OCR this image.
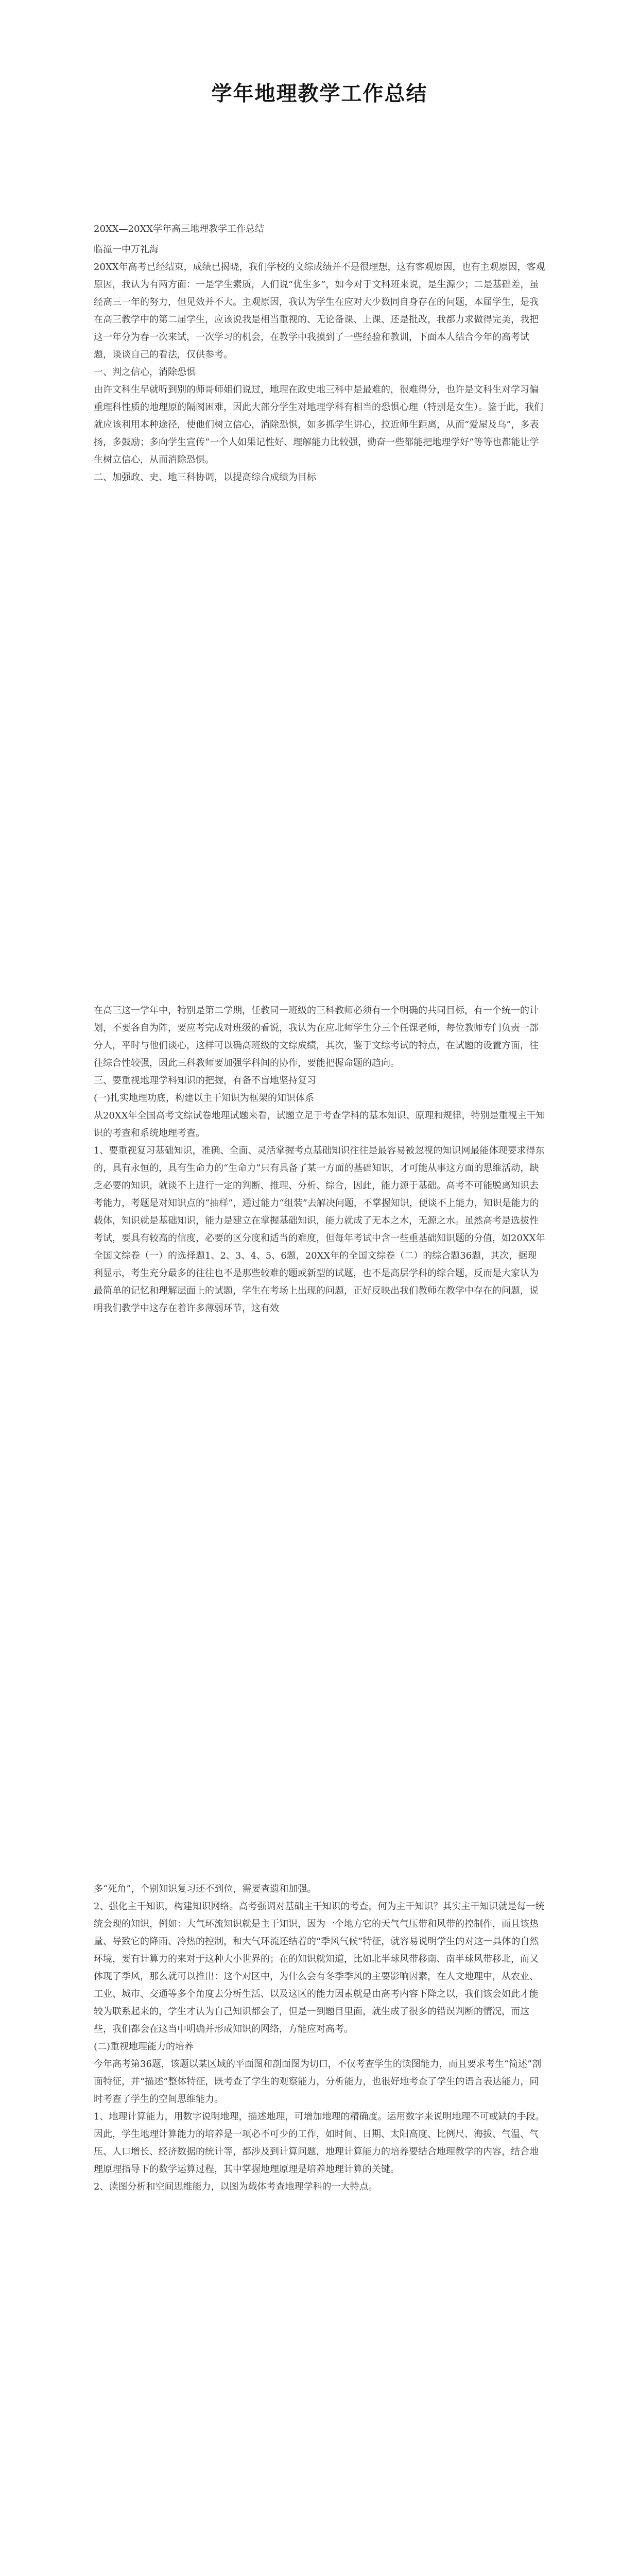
学年地理教学工作总结

20XX—20XX学年高三地理教学工作总结

临潼一中万礼海

20XX年高考已经结束，成绩已揭晓，我们学校的文综成绩并不是很理想，这有客观原因，也有主观原因，客观原因，我认为有两方面：一是学生素质，人们说“优生多”，如今对于文科班来说，是生源少；二是基础差，虽经高三一年的努力，但见效并不大。主观原因，我认为学生在应对大少数同自身存在的问题，本届学生，是我在高三教学中的第二届学生，应该说我是相当重视的、无论备课、上课、还是批改，我都力求做得完美，我把这一年分为春一次来试，一次学习的机会，在教学中我摸到了一些经验和教训，下面本人结合今年的高考试题，谈谈自己的看法，仅供参考。

一、判之信心，消除恐惧

由许文科生早就听到别的师哥师姐们说过，地理在政史地三科中是最难的，很难得分，也许是文科生对学习偏重理科性质的地理原的隔阂困难，因此大部分学生对地理学科有相当的恐惧心理（特别是女生）。鉴于此，我们就应该利用本种途径，使他们树立信心，消除恐惧，如多抓学生讲心，拉近师生距离，从而“爱屋及乌”，多表扬，多鼓励；多向学生宣传“一个人如果记性好、理解能力比较强，勤奋一些都能把地理学好”等等也都能让学生树立信心，从而消除恐惧。

二、加强政、史、地三科协调，以提高综合成绩为目标

在高三这一学年中，特别是第二学期，任教同一班级的三科教师必须有一个明确的共同目标，有一个统一的计划，不要各自为阵，要应考完成对班级的看说，我认为在应北师学生分三个任课老师，每位教师专门负责一部分人，平时与他们谈心，这样可以确高班级的文综成绩，其次，鉴于文综考试的特点，在试题的设置方面，往往综合性较强，因此三科教师要加强学科间的协作，要能把握命题的趋向。

三、要重视地理学科知识的把握，有备不盲地坚持复习

(一)扎实地理功底，构建以主干知识为框架的知识体系

从20XX年全国高考文综试卷地理试题来看，试题立足于考查学科的基本知识、原理和规律，特别是重视主干知识的考查和系统地理考查。

1、要重视复习基础知识，准确、全面、灵活掌握考点基础知识往往是最容易被忽视的知识网最能体现要求得东的，具有永恒的，具有生命力的“生命力”只有具备了某一方面的基础知识，才可能从事这方面的思维活动，缺乏必要的知识，就谈不上进行一定的判断、推理、分析、综合，因此，能力源于基础。高考不可能脱离知识去考能力，考题是对知识点的“抽样”，通过能力“组装”去解决问题，不掌握知识，便谈不上能力，知识是能力的载体，知识就是基础知识，能力是建立在掌握基础知识，能力就成了无本之木，无源之水。虽然高考是选拔性考试，要具有较高的信度，必要的区分度和适当的难度，但每年考试中含一些重基础知识题的分值，如20XX年全国文综卷（一）的选择题1、2、3、4、5、6题，20XX年的全国文综卷（二）的综合题36题，其次，据现利显示，考生充分最多的往往也不是那些较难的题或新型的试题，也不是高层学科的综合题，反而是大家认为最简单的记忆和理解层面上的试题，学生在考场上出现的问题，正好反映出我们教师在教学中存在的问题，说明我们教学中这存在着许多薄弱环节，这有效

多“死角”，个别知识复习还不到位，需要查遗和加强。

2、强化主干知识，构建知识网络。高考强调对基础主干知识的考查，何为主干知识？其实主干知识就是每一统统会现的知识，例如：大气环流知识就是主干知识，因为一个地方它的天气气压带和风带的控制作，而且该热量、导致它的降雨、冷热的控制，和大气环流还结着的“季风气候”特征，就容易说明学生的对这一具体的自然环境，要有计算力的来对于这种大小世界的；在的知识就知道，比如北半球风带移南、南半球风带移北，而又体现了季风，那么就可以推出：这个对区中，为什么会有冬季季风的主要影响因素，在人文地理中，从农业、工业、城市、交通等多个角度去分析生活、以及这区的能力因素就是由高考内容下降之以，我们该会如此才能较为联系起来的，学生才认为自己知识都会了，但是一到题目里面，就生成了很多的错误判断的情况，而这些，我们都会在这当中明确并形成知识的网络，方能应对高考。

(二)重视地理能力的培养

今年高考第36题，该题以某区域的平面图和剖面图为切口，不仅考查学生的读图能力，而且要求考生“简述”剖面特征，并“描述”整体特征，既考查了学生的观察能力，分析能力，也很好地考查了学生的语言表达能力，同时考查了学生的空间思维能力。

1、地理计算能力，用数字说明地理，描述地理，可增加地理的精确度。运用数字来说明地理不可或缺的手段。因此，学生地理计算能力的培养是一项必不可少的工作，如时间、日期、太阳高度、比例尺、海拔、气温、气压、人口增长、经济数据的统计等，都涉及到计算问题，地理计算能力的培养要结合地理教学的内容，结合地理原理指导下的数学运算过程，其中掌握地理原理是培养地理计算的关键。

2、读图分析和空间思维能力，以图为载体考查地理学科的一大特点。
